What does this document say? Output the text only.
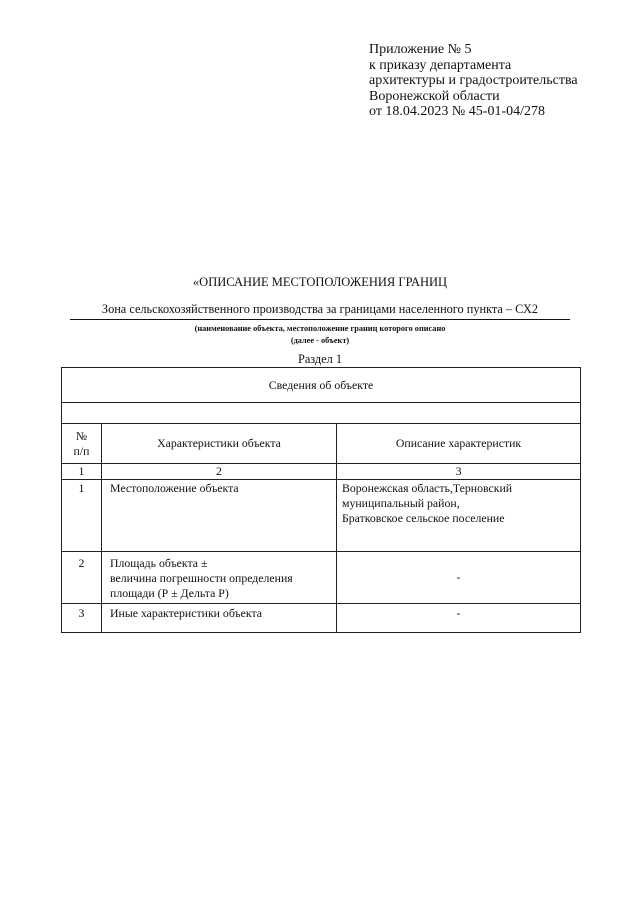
Приложение № 5
к приказу департамента
архитектуры и градостроительства
Воронежской области
от 18.04.2023 № 45-01-04/278
«ОПИСАНИЕ МЕСТОПОЛОЖЕНИЯ ГРАНИЦ
Зона сельскохозяйственного производства за границами населенного пункта – СХ2
(наименование объекта, местоположение границ которого описано
(далее - объект)
Раздел 1
Сведения об объекте		

№
п/п	Характеристики объекта	Описание характеристик
1	2	3
1	Местоположение объекта	Воронежская область,Терновский
муниципальный район,
Братковское сельское поселение

2	Площадь объекта ±
величина погрешности определения
площади (Р ± Дельта Р)	-

3	Иные характеристики объекта	-
